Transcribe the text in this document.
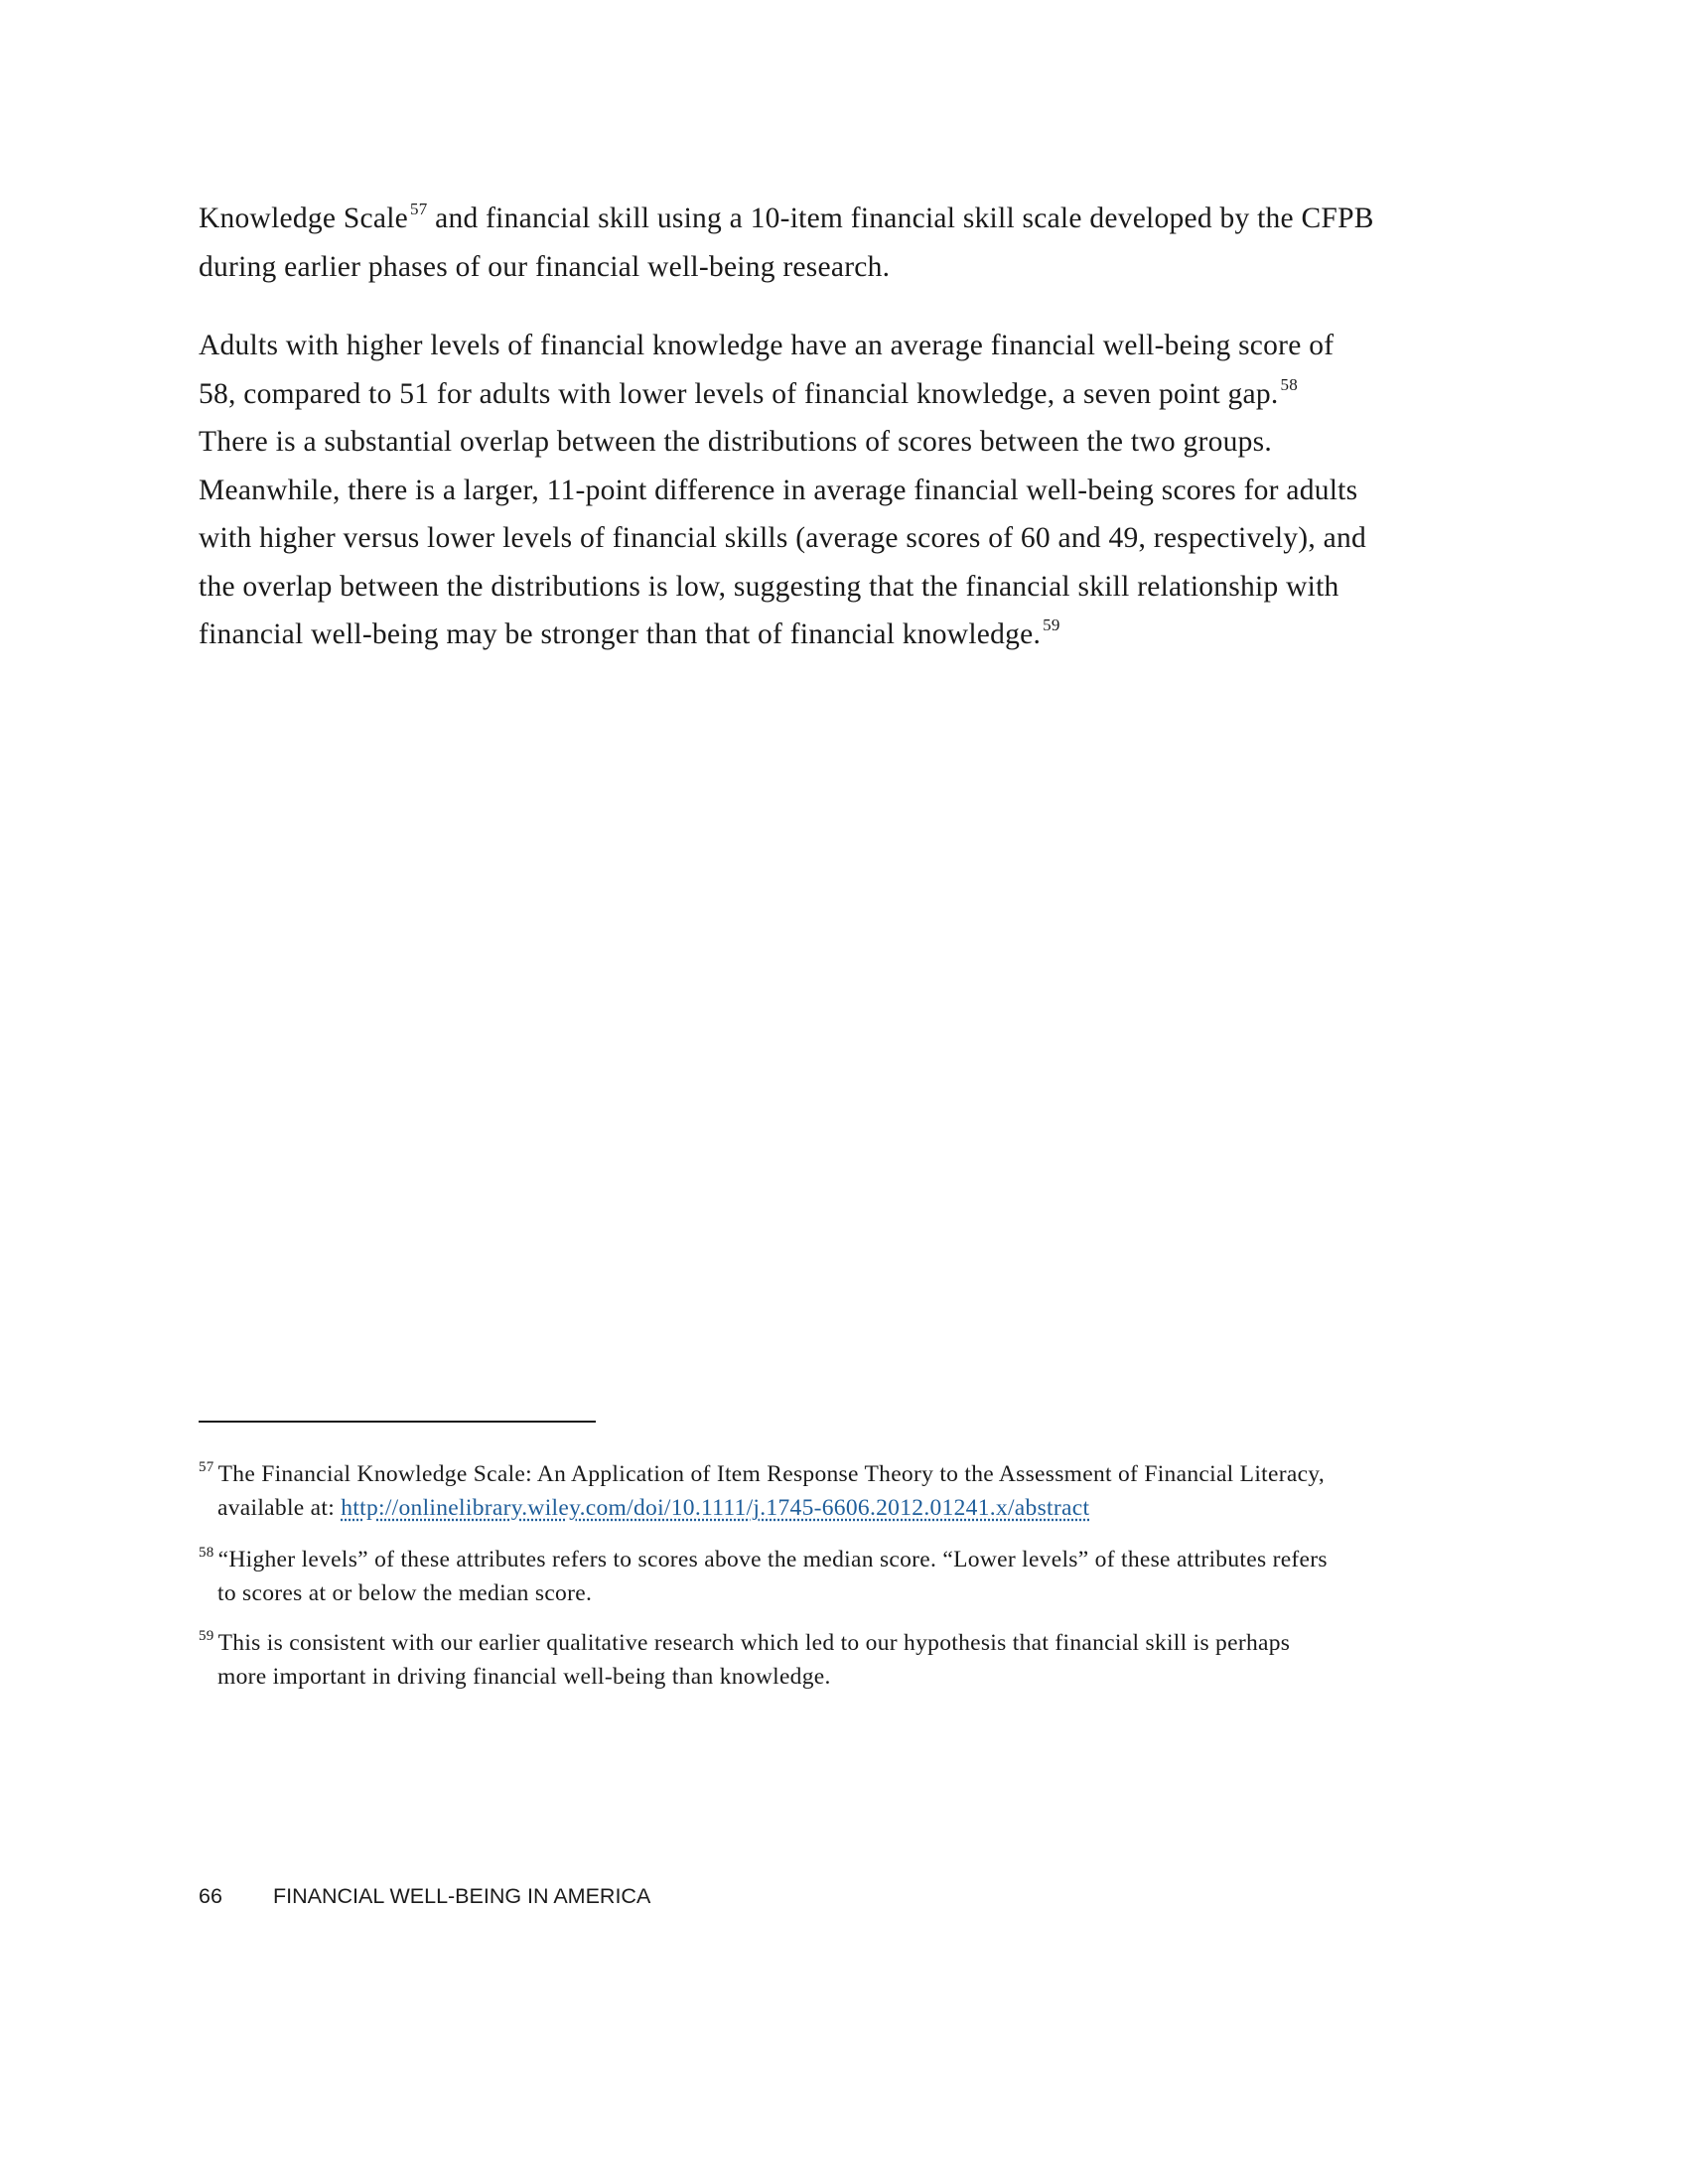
Knowledge Scale $^{57}$ and financial skill using a 10-item financial skill scale developed by the CFPB
during earlier phases of our financial well-being research.

Adults with higher levels of financial knowledge have an average financial well-being score of
58, compared to 51 for adults with lower levels of financial knowledge, a seven point gap. $^{58}$
There is a substantial overlap between the distributions of scores between the two groups.
Meanwhile, there is a larger, 11-point difference in average financial well-being scores for adults
with higher versus lower levels of financial skills (average scores of 60 and 49, respectively), and
the overlap between the distributions is low, suggesting that the financial skill relationship with
financial well-being may be stronger than that of financial knowledge. $^{59}$

$^{57}$ The Financial Knowledge Scale: An Application of Item Response Theory to the Assessment of Financial Literacy,
available at: http://onlinelibrary.wiley.com/doi/10.1111/j.1745-6606.2012.01241.x/abstract
$^{58}$ “Higher levels” of these attributes refers to scores above the median score. “Lower levels” of these attributes refers
to scores at or below the median score.
$^{59}$ This is consistent with our earlier qualitative research which led to our hypothesis that financial skill is perhaps
more important in driving financial well-being than knowledge.
66 FINANCIAL WELL-BEING IN AMERICA
